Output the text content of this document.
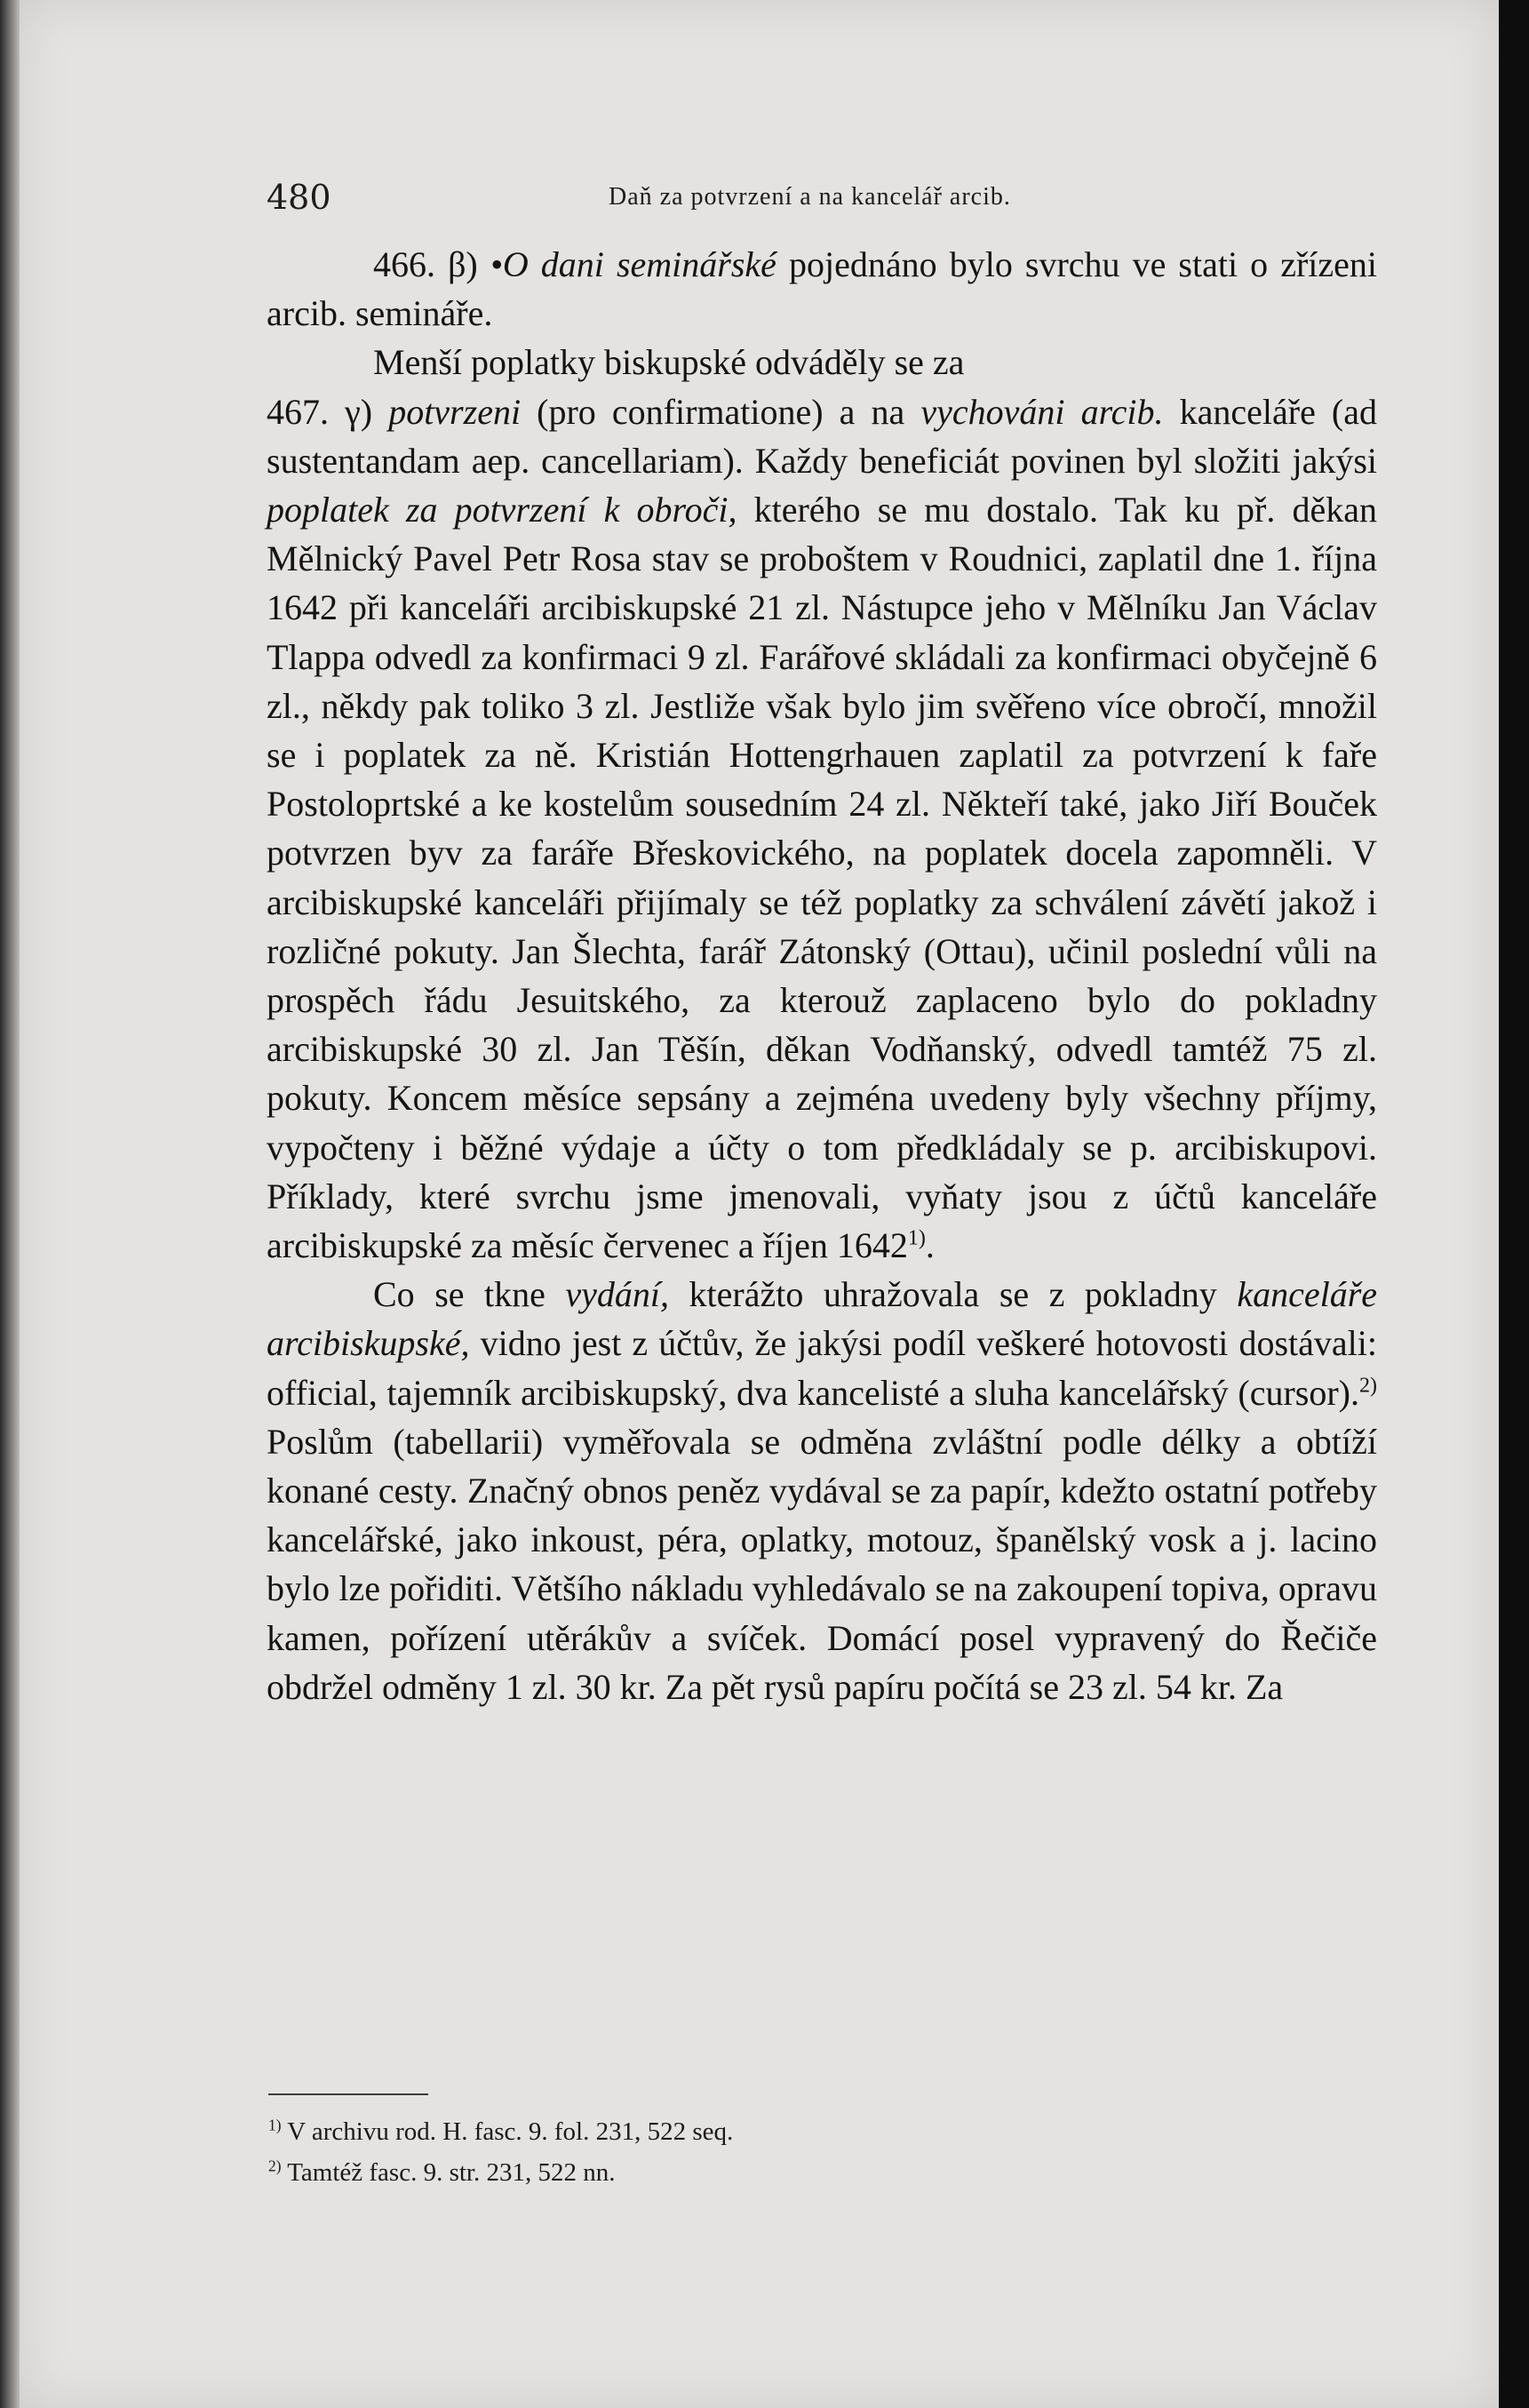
480	Daň za potvrzení a na kancelář arcib.

466. β) •O dani seminářské pojednáno bylo svrchu ve stati o zřízeni arcib. semináře.

Menší poplatky biskupské odváděly se za

467. γ) potvrzeni (pro confirmatione) a na vychováni arcib. kanceláře (ad sustentandam aep. cancellariam). Každy beneficiát povinen byl složiti jakýsi poplatek za potvrzení k obroči, kterého se mu dostalo. Tak ku př. děkan Mělnický Pavel Petr Rosa stav se proboštem v Roudnici, zaplatil dne 1. října 1642 při kanceláři arcibiskupské 21 zl. Nástupce jeho v Mělníku Jan Václav Tlappa odvedl za konfirmaci 9 zl. Farářové skládali za konfirmaci obyčejně 6 zl., někdy pak toliko 3 zl. Jestliže však bylo jim svěřeno více obročí, množil se i poplatek za ně. Kristián Hottengrhauen zaplatil za potvrzení k faře Postoloprtské a ke kostelům sousedním 24 zl. Někteří také, jako Jiří Bouček potvrzen byv za faráře Břeskovického, na poplatek docela zapomněli. V arcibiskupské kanceláři přijímaly se též poplatky za schválení závětí jakož i rozličné pokuty. Jan Šlechta, farář Zátonský (Ottau), učinil poslední vůli na prospěch řádu Jesuitského, za kterouž zaplaceno bylo do pokladny arcibiskupské 30 zl. Jan Těšín, děkan Vodňanský, odvedl tamtéž 75 zl. pokuty. Koncem měsíce sepsány a zejména uvedeny byly všechny příjmy, vypočteny i běžné výdaje a účty o tom předkládaly se p. arcibiskupovi. Příklady, které svrchu jsme jmenovali, vyňaty jsou z účtů kanceláře arcibiskupské za měsíc červenec a říjen 1642$^{1)}$.

Co se tkne vydání, kterážto uhražovala se z pokladny kanceláře arcibiskupské, vidno jest z účtův, že jakýsi podíl veškeré hotovosti dostávali: official, tajemník arcibiskupský, dva kancelisté a sluha kancelářský (cursor).$^{2)}$ Poslům (tabellarii) vyměřovala se odměna zvláštní podle délky a obtíží konané cesty. Značný obnos peněz vydával se za papír, kdežto ostatní potřeby kancelářské, jako inkoust, péra, oplatky, motouz, španělský vosk a j. lacino bylo lze pořiditi. Většího nákladu vyhledávalo se na zakoupení topiva, opravu kamen, pořízení utěrákův a svíček. Domácí posel vypravený do Řečiče obdržel odměny 1 zl. 30 kr. Za pět rysů papíru počítá se 23 zl. 54 kr. Za

$^{1)}$ V archivu rod. H. fasc. 9. fol. 231, 522 seq.

$^{2)}$ Tamtéž fasc. 9. str. 231, 522 nn.
